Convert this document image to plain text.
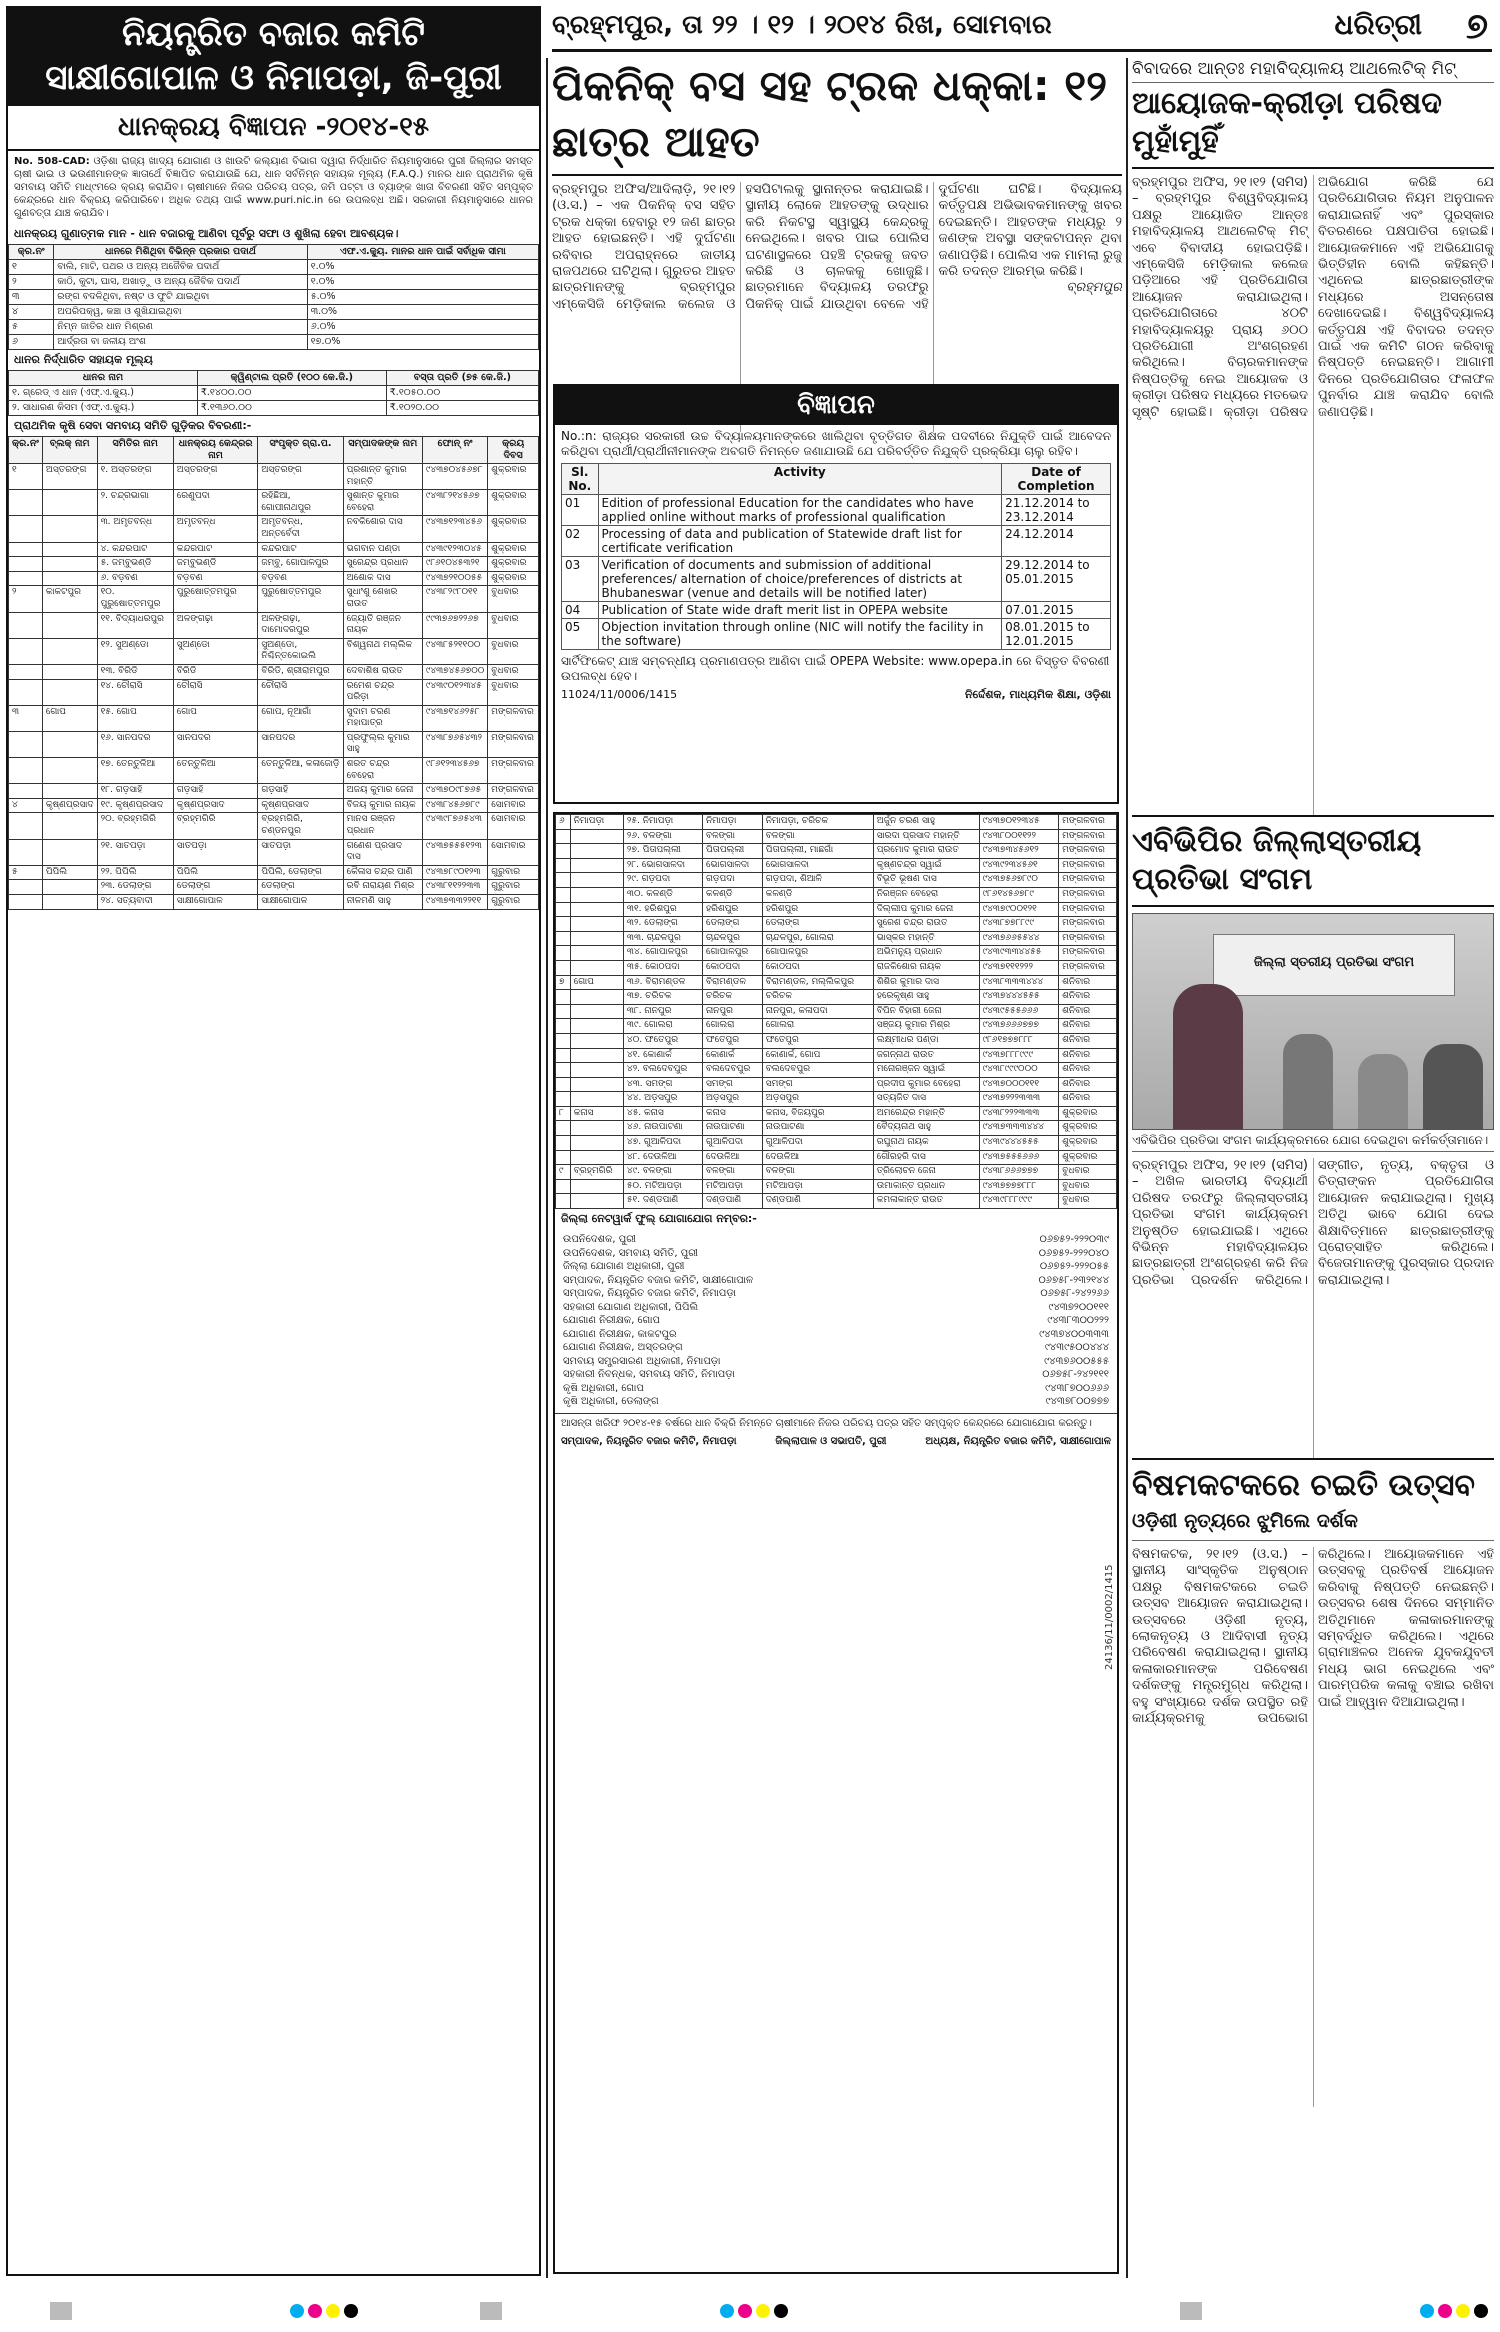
ନିୟନ୍ତ୍ରିତ ବଜାର କମିଟି
ସାକ୍ଷୀଗୋପାଳ ଓ ନିମାପଡ଼ା, ଜି-ପୁରୀ
ଧାନକ୍ରୟ ବିଜ୍ଞାପନ -୨୦୧୪-୧୫
No. 508-CAD: ଓଡ଼ିଶା ରାଜ୍ୟ ଖାଦ୍ୟ ଯୋଗାଣ ଓ ଖାଉଟି କଲ୍ୟାଣ ବିଭାଗ ଦ୍ୱାରା ନିର୍ଦ୍ଧାରିତ ନିୟମାନୁସାରେ ପୁରୀ ଜିଲ୍ଲାର ସମସ୍ତ ଚାଷୀ ଭାଇ ଓ ଭଉଣୀମାନଙ୍କ ଜ୍ଞାତାର୍ଥେ ବିଜ୍ଞାପିତ କରାଯାଉଛି ଯେ, ଧାନ ସର୍ବନିମ୍ନ ସହାୟକ ମୂଲ୍ୟ (F.A.Q.) ମାନର ଧାନ ପ୍ରାଥମିକ କୃଷି ସମବାୟ ସମିତି ମାଧ୍୯ମରେ କ୍ରୟ କରାଯିବ। ଚାଷୀମାନେ ନିଜର ପରିଚୟ ପତ୍ର, ଜମି ପଟ୍ଟା ଓ ବ୍ୟାଙ୍କ ଖାତା ବିବରଣୀ ସହିତ ସମ୍ପୃକ୍ତ କେନ୍ଦ୍ରରେ ଧାନ ବିକ୍ରୟ କରିପାରିବେ। ଅଧିକ ତଥ୍ୟ ପାଇଁ www.puri.nic.in ରେ ଉପଲବ୍ଧ ଅଛି। ସରକାରୀ ନିୟମାନୁସାରେ ଧାନର ଗୁଣବତ୍ତା ଯାଞ୍ଚ କରାଯିବ।
ଧାନକ୍ରୟ ଗୁଣାତ୍ମକ ମାନ - ଧାନ ବଜାରକୁ ଆଣିବା ପୂର୍ବରୁ ସଫା ଓ ଶୁଖିଲା ହେବା ଆବଶ୍ୟକ।
କ୍ର.ନଂ	ଧାନରେ ମିଶିଥିବା ବିଭିନ୍ନ ପ୍ରକାର ପଦାର୍ଥ	ଏଫ.ଏ.କ୍ୟୁ. ମାନର ଧାନ ପାଇଁ ସର୍ବାଧିକ ସୀମା
୧	ବାଲି, ମାଟି, ପଥର ଓ ଅନ୍ୟ ଅଜୈବିକ ପଦାର୍ଥ	୧.୦%
୨	କାଠି, କୁଟା, ଘାସ, ଅଖାଡ଼ୁ ଓ ଅନ୍ୟ ଜୈବିକ ପଦାର୍ଥ	୧.୦%
୩	ରଙ୍ଗ ବଦଳିଥିବା, ନଷ୍ଟ ଓ ଫୁଟି ଯାଇଥିବା	୫.୦%
୪	ଅପରିପକ୍ୱ, କଞ୍ଚା ଓ ଶୁଖିଯାଇଥିବା	୩.୦%
୫	ନିମ୍ନ ଜାତିର ଧାନ ମିଶ୍ରଣ	୬.୦%
୬	ଆର୍ଦ୍ରତା ବା ଜଳୀୟ ଅଂଶ	୧୭.୦%
ଧାନର ନିର୍ଦ୍ଧାରିତ ସହାୟକ ମୂଲ୍ୟ
ଧାନର ନାମ	କ୍ୱିଣ୍ଟାଲ ପ୍ରତି (୧୦୦ କେ.ଜି.)	ବସ୍ତା ପ୍ରତି (୭୫ କେ.ଜି.)
୧. ଗ୍ରେଡ୍ ଏ ଧାନ (ଏଫ୍.ଏ.କ୍ୟୁ.)	₹.୧୪୦୦.୦୦	₹.୧୦୫୦.୦୦
୨. ସାଧାରଣ କିସମ (ଏଫ୍.ଏ.କ୍ୟୁ.)	₹.୧୩୬୦.୦୦	₹.୧୦୨୦.୦୦
ପ୍ରାଥମିକ କୃଷି ସେବା ସମବାୟ ସମିତି ଗୁଡ଼ିକର ବିବରଣୀ:-
କ୍ର.ନଂ	ବ୍ଲକ୍ ନାମ	ସମିତିର ନାମ	ଧାନକ୍ରୟ କେନ୍ଦ୍ରର ନାମ	ସଂପୃକ୍ତ ଗ୍ରା.ପ.	ସମ୍ପାଦକଙ୍କ ନାମ	ଫୋନ୍ ନଂ	କ୍ରୟ ଦିବସ
୧	ଅସ୍ତରଙ୍ଗ	୧. ଅସ୍ତରଙ୍ଗ	ଅସ୍ତରଙ୍ଗ	ଅସ୍ତରଙ୍ଗ	ପ୍ରଶାନ୍ତ କୁମାର ମହାନ୍ତି	୯୪୩୭୦୪୫୬୭୮	ଶୁକ୍ରବାର
		୨. ଚନ୍ଦ୍ରଭାଗା	ରେଣୁପଦା	ରହିଛିଆ, ଗୋପୀନାଥପୁର	ସୁଶାନ୍ତ କୁମାର ବେହେରା	୯୪୩୮୨୧୪୫୬୭	ଶୁକ୍ରବାର
		୩. ଅମୃତବନ୍ଧ	ଅମୃତବନ୍ଧ	ଅମୃତବନ୍ଧ, ଅନ୍ତର୍ବେଦୀ	ନବକିଶୋର ଦାସ	୯୪୩୭୧୨୩୪୫୬	ଶୁକ୍ରବାର
		୪. କନ୍ଦରପାଟ	କନ୍ଦରପାଟ	କନ୍ଦରପାଟ	ଭଗବାନ ପଣ୍ଡା	୯୪୩୯୧୨୩୦୪୫	ଶୁକ୍ରବାର
		୫. ଜମ୍ବୁଭଣ୍ଡି	ଜମ୍ବୁଭଣ୍ଡି	ଜମ୍ବୁ, ଗୋପାଳପୁର	ସୁରେନ୍ଦ୍ର ପ୍ରଧାନ	୯୮୬୧୦୪୫୩୨୧	ଶୁକ୍ରବାର
		୬. ବଡ଼ବଣ	ବଡ଼ବଣ	ବଡ଼ବଣ	ଅଶୋକ ଦାସ	୯୪୩୭୨୧୦୦୫୫	ଶୁକ୍ରବାର
୨	କାକଟପୁର	୧୦. ପୁରୁଷୋତ୍ତମପୁର	ପୁରୁଷୋତ୍ତମପୁର	ପୁରୁଷୋତ୍ତମପୁର	ସୁଧାଂଶୁ ଶେଖର ରାଉତ	୯୪୩୮୨୯୮୦୧୧	ବୁଧବାର
		୧୧. ବିଦ୍ୟାଧରପୁର	ଅଳଙ୍ଗଢ଼ା	ଅଳଙ୍ଗଢ଼ା, ଦାମୋଦରପୁର	ଜ୍ୟୋତି ରଞ୍ଜନ ନାୟକ	୯୯୩୭୬୭୨୨୬୭	ବୁଧବାର
		୧୨. ସୁଅଣ୍ଡୋ	ସୁଅଣ୍ଡୋ	ସୁଅଣ୍ଡୋ, ନିଶ୍ଚିନ୍ତକୋଇଲି	ବିଶ୍ୱନାଥ ମଲ୍ଲିକ	୯୪୩୮୫୨୧୧୦୦	ବୁଧବାର
		୧୩. ବିରିଡି	ବିରିଡି	ବିରିଡି, ଶ୍ରୀରାମପୁର	ଦେବାଶିଷ ରାଉତ	୯୪୩୭୪୫୬୭୦୦	ବୁଧବାର
		୧୪. ଚୌରାସି	ଚୌରାସି	ଚୌରାସି	ରମେଶ ଚନ୍ଦ୍ର ପରିଡ଼ା	୯୪୩୯୦୧୨୩୪୫	ବୁଧବାର
୩	ଗୋପ	୧୫. ଗୋପ	ଗୋପ	ଗୋପ, ନୂଆଗାଁ	ସୁଦାମ ଚରଣ ମହାପାତ୍ର	୯୪୩୭୧୪୬୨୫୮	ମଙ୍ଗଳବାର
		୧୬. ସାନପଦର	ସାନପଦର	ସାନପଦର	ପ୍ରଫୁଲ୍ଲ କୁମାର ସାହୁ	୯୪୩୮୭୬୫୪୩୨	ମଙ୍ଗଳବାର
		୧୭. ତେନ୍ତୁଳିଆ	ତେନ୍ତୁଳିଆ	ତେନ୍ତୁଳିଆ, କଳାଜୋଡ଼ି	ଶରତ ଚନ୍ଦ୍ର ବେହେରା	୯୮୬୧୨୩୪୫୬୭	ମଙ୍ଗଳବାର
		୧୮. ଗଡ଼ସାହି	ଗଡ଼ସାହି	ଗଡ଼ସାହି	ଅଜୟ କୁମାର ଜେନା	୯୪୩୭୦୯୮୭୬୫	ମଙ୍ଗଳବାର
୪	କୃଷ୍ଣପ୍ରସାଦ	୧୯. କୃଷ୍ଣପ୍ରସାଦ	କୃଷ୍ଣପ୍ରସାଦ	କୃଷ୍ଣପ୍ରସାଦ	ବିଜୟ କୁମାର ନାୟକ	୯୪୩୮୪୫୬୭୮୯	ସୋମବାର
		୨୦. ବ୍ରହ୍ମଗିରି	ବ୍ରହ୍ମଗିରି	ବ୍ରହ୍ମଗିରି, ଚଣ୍ଡନପୁର	ମାନସ ରଞ୍ଜନ ପ୍ରଧାନ	୯୪୩୯୮୭୬୫୪୩	ସୋମବାର
		୨୧. ସାତପଡ଼ା	ସାତପଡ଼ା	ସାତପଡ଼ା	ଗଣେଶ ପ୍ରସାଦ ଦାସ	୯୪୩୭୫୫୫୧୨୩	ସୋମବାର
୫	ପିପିଲି	୨୨. ପିପିଲି	ପିପିଲି	ପିପିଲି, ଡେଲାଙ୍ଗ	କୈଳାସ ଚନ୍ଦ୍ର ପାଣି	୯୪୩୭୮୯୦୧୨୩	ଗୁରୁବାର
		୨୩. ଡେଲାଙ୍ଗ	ଡେଲାଙ୍ଗ	ଡେଲାଙ୍ଗ	ରବି ନାରାୟଣ ମିଶ୍ର	୯୪୩୮୧୧୨୨୩୩	ଗୁରୁବାର
		୨୪. ସତ୍ୟବାଦୀ	ସାକ୍ଷୀଗୋପାଳ	ସାକ୍ଷୀଗୋପାଳ	ନୀଳମଣି ସାହୁ	୯୪୩୭୩୩୨୨୧୧	ଗୁରୁବାର
ବ୍ରହ୍ମପୁର, ତା ୨୨ । ୧୨ । ୨୦୧୪ ରିଖ, ସୋମବାର	ଧରିତ୍ରୀ ୭
ପିକନିକ୍ ବସ ସହ ଟ୍ରକ ଧକ୍କା: ୧୨ ଛାତ୍ର ଆହତ
ବ୍ରହ୍ମପୁର ଅଫିସ/ଆଦିଲାଡ଼ି, ୨୧।୧୨ (ଓ.ସ.) – ଏକ ପିକନିକ୍ ବସ ସହିତ ଟ୍ରକ ଧକ୍କା ହେବାରୁ ୧୨ ଜଣ ଛାତ୍ର ଆହତ ହୋଇଛନ୍ତି। ଏହି ଦୁର୍ଘଟଣା ରବିବାର ଅପରାହ୍ନରେ ଜାତୀୟ ରାଜପଥରେ ଘଟିଥିଲା। ଗୁରୁତର ଆହତ ଛାତ୍ରମାନଙ୍କୁ ବ୍ରହ୍ମପୁର ଏମ୍‌କେସିଜି ମେଡ଼ିକାଲ କଲେଜ ଓ ହସପିଟାଲକୁ ସ୍ଥାନାନ୍ତର କରାଯାଇଛି। ସ୍ଥାନୀୟ ଲୋକେ ଆହତଙ୍କୁ ଉଦ୍ଧାର କରି ନିକଟସ୍ଥ ସ୍ୱାସ୍ଥ୍ୟ କେନ୍ଦ୍ରକୁ ନେଇଥିଲେ। ଖବର ପାଇ ପୋଲିସ ଘଟଣାସ୍ଥଳରେ ପହଞ୍ଚି ଟ୍ରକକୁ ଜବତ କରିଛି ଓ ଚାଳକକୁ ଖୋଜୁଛି। ଛାତ୍ରମାନେ ବିଦ୍ୟାଳୟ ତରଫରୁ ପିକନିକ୍ ପାଇଁ ଯାଉଥିବା ବେଳେ ଏହି ଦୁର୍ଘଟଣା ଘଟିଛି। ବିଦ୍ୟାଳୟ କର୍ତ୍ତୃପକ୍ଷ ଅଭିଭାବକମାନଙ୍କୁ ଖବର ଦେଇଛନ୍ତି। ଆହତଙ୍କ ମଧ୍ୟରୁ ୨ ଜଣଙ୍କ ଅବସ୍ଥା ସଙ୍କଟାପନ୍ନ ଥିବା ଜଣାପଡ଼ିଛି। ପୋଲିସ ଏକ ମାମଲା ରୁଜୁ କରି ତଦନ୍ତ ଆରମ୍ଭ କରିଛି।
ବ୍ରହ୍ମପୁର
ବିଜ୍ଞାପନ
No.:n: ରାଜ୍ୟର ସରକାରୀ ଉଚ୍ଚ ବିଦ୍ୟାଳୟମାନଙ୍କରେ ଖାଲିଥିବା ବୃତ୍ତିଗତ ଶିକ୍ଷକ ପଦବୀରେ ନିଯୁକ୍ତି ପାଇଁ ଆବେଦନ କରିଥିବା ପ୍ରାର୍ଥୀ/ପ୍ରାର୍ଥୀନୀମାନଙ୍କ ଅବଗତି ନିମନ୍ତେ ଜଣାଯାଉଛି ଯେ ପରିବର୍ତ୍ତିତ ନିଯୁକ୍ତି ପ୍ରକ୍ରିୟା ଚାଲୁ ରହିବ।
Sl. No.	Activity	Date of Completion
01	Edition of professional Education for the candidates who have applied online without marks of professional qualification	21.12.2014 to 23.12.2014
02	Processing of data and publication of Statewide draft list for certificate verification	24.12.2014
03	Verification of documents and submission of additional preferences/ alternation of choice/preferences of districts at Bhubaneswar (venue and details will be notified later)	29.12.2014 to 05.01.2015
04	Publication of State wide draft merit list in OPEPA website	07.01.2015
05	Objection invitation through online (NIC will notify the facility in the software)	08.01.2015 to 12.01.2015
ସାର୍ଟିଫିକେଟ୍ ଯାଞ୍ଚ ସମ୍ବନ୍ଧୀୟ ପ୍ରମାଣପତ୍ର ଆଣିବା ପାଇଁ OPEPA Website: www.opepa.in ରେ ବିସ୍ତୃତ ବିବରଣୀ ଉପଲବ୍ଧ ହେବ।
11024/11/0006/1415	ନିର୍ଦ୍ଦେଶକ, ମାଧ୍ୟମିକ ଶିକ୍ଷା, ଓଡ଼ିଶା
୬	ନିମାପଡ଼ା	୨୫. ନିମାପଡ଼ା	ନିମାପଡ଼ା	ନିମାପଡ଼ା, ଚରିଚକ	ଅର୍ଜୁନ ଚରଣ ସାହୁ	୯୪୩୭୦୧୨୩୪୫	ମଙ୍ଗଳବାର
		୨୬. ବଳଙ୍ଗା	ବଳଙ୍ଗା	ବଳଙ୍ଗା	ସାରଦା ପ୍ରସାଦ ମହାନ୍ତି	୯୪୩୮୦୦୧୧୨୨	ମଙ୍ଗଳବାର
		୨୭. ପିତାପଲ୍ଲୀ	ପିତାପଲ୍ଲୀ	ପିତାପଲ୍ଲୀ, ମାଛଗାଁ	ପ୍ରମୋଦ କୁମାର ରାଉତ	୯୪୩୭୩୪୫୬୧୨	ମଙ୍ଗଳବାର
		୨୮. ଭୋଗସାଳଦା	ଭୋଗସାଳଦା	ଭୋଗସାଳଦା	କୃଷ୍ଣଚନ୍ଦ୍ର ସ୍ୱାଇଁ	୯୪୩୯୨୩୪୫୬୧	ମଙ୍ଗଳବାର
		୨୯. ଗଡ଼ପଦା	ଗଡ଼ପଦା	ଗଡ଼ପଦା, ଶିଆଳି	ବିଭୂତି ଭୂଷଣ ଦାସ	୯୪୩୭୫୬୭୮୯୦	ମଙ୍ଗଳବାର
		୩୦. କଳଣ୍ଡି	କଳଣ୍ଡି	କଳଣ୍ଡି	ନିରଞ୍ଜନ ବେହେରା	୯୮୬୧୪୫୬୭୮୯	ମଙ୍ଗଳବାର
		୩୧. ହରିଶପୁର	ହରିଶପୁର	ହରିଶପୁର	ଦିଲ୍ଲୀପ କୁମାର ଜେନା	୯୪୩୭୯୦୦୧୨୧	ମଙ୍ଗଳବାର
		୩୨. ଡେଲାଙ୍ଗ	ଡେଲାଙ୍ଗ	ଡେଲାଙ୍ଗ	ସୁରେଶ ଚନ୍ଦ୍ର ରାଉତ	୯୪୩୮୭୭୮୮୯୯	ମଙ୍ଗଳବାର
		୩୩. ଚାନ୍ଦଳପୁର	ଚାନ୍ଦଳପୁର	ଚାନ୍ଦଳପୁର, ଗୋଲରା	ଭାସ୍କର ମହାନ୍ତି	୯୪୩୭୬୬୫୫୪୪	ମଙ୍ଗଳବାର
		୩୪. ଗୋପାଳପୁର	ଗୋପାଳପୁର	ଗୋପାଳପୁର	ଅଭିମନ୍ୟୁ ପ୍ରଧାନ	୯୪୩୯୩୩୪୪୫୫	ମଙ୍ଗଳବାର
		୩୫. କୋଠପଦା	କୋଠପଦା	କୋଠପଦା	ରାଜକିଶୋର ନାୟକ	୯୪୩୭୧୧୧୨୨୨	ମଙ୍ଗଳବାର
୭	ଗୋପ	୩୬. ବିରାମଣ୍ଡଳ	ବିରାମଣ୍ଡଳ	ବିରାମଣ୍ଡଳ, ମଲ୍ଲିକପୁର	ଶିଶିର କୁମାର ଦାସ	୯୪୩୮୩୩୩୪୪୪	ଶନିବାର
		୩୭. ଚରିଚକ	ଚରିଚକ	ଚରିଚକ	ହରେକୃଷ୍ଣ ସାହୁ	୯୪୩୭୪୪୪୫୫୫	ଶନିବାର
		୩୮. ନାନପୁର	ନାନପୁର	ନାନପୁର, କଳାପଦା	ବିପିନ ବିହାରୀ ଜେନା	୯୪୩୯୫୫୫୬୬୬	ଶନିବାର
		୩୯. ଗୋଲରା	ଗୋଲରା	ଗୋଲରା	ସଞ୍ଜୟ କୁମାର ମିଶ୍ର	୯୪୩୭୬୬୬୭୭୭	ଶନିବାର
		୪୦. ଫତେପୁର	ଫତେପୁର	ଫତେପୁର	ଲକ୍ଷ୍ମୀଧର ପଣ୍ଡା	୯୮୬୧୭୭୭୮୮୮	ଶନିବାର
		୪୧. କୋଣାର୍କ	କୋଣାର୍କ	କୋଣାର୍କ, ଗୋପ	ଜଗନ୍ନାଥ ରାଉତ	୯୪୩୭୮୮୮୯୯୯	ଶନିବାର
		୪୨. ବଲଦେବପୁର	ବଲଦେବପୁର	ବଲଦେବପୁର	ମନୋରଞ୍ଜନ ସ୍ୱାଇଁ	୯୪୩୮୯୯୯୦୦୦	ଶନିବାର
		୪୩. ସମଙ୍ଗ	ସମଙ୍ଗ	ସମଙ୍ଗ	ପ୍ରଦୀପ କୁମାର ବେହେରା	୯୪୩୭୦୦୦୧୧୧	ଶନିବାର
		୪୪. ଅଡ଼ସପୁର	ଅଡ଼ସପୁର	ଅଡ଼ସପୁର	ସତ୍ୟଜିତ ଦାସ	୯୪୩୭୨୨୨୩୩୩	ଶନିବାର
୮	କନାସ	୪୫. କନାସ	କନାସ	କନାସ, ବିଜୟପୁର	ଅମରେନ୍ଦ୍ର ମହାନ୍ତି	୯୪୩୮୨୨୨୩୩୩	ଶୁକ୍ରବାର
		୪୬. ନାଉପାଟଣା	ନାଉପାଟଣା	ନାଉପାଟଣା	ବୈଦ୍ୟନାଥ ସାହୁ	୯୪୩୭୩୩୩୪୪୪	ଶୁକ୍ରବାର
		୪୭. ଗୁଆଳିପଦା	ଗୁଆଳିପଦା	ଗୁଆଳିପଦା	ରଘୁନାଥ ନାୟକ	୯୪୩୯୪୪୪୫୫୫	ଶୁକ୍ରବାର
		୪୮. ଦେଉଳିଆ	ଦେଉଳିଆ	ଦେଉଳିଆ	ଗୌରହରି ଦାସ	୯୪୩୭୫୫୫୬୬୬	ଶୁକ୍ରବାର
୯	ବ୍ରହ୍ମଗିରି	୪୯. ବଳଙ୍ଗା	ବଳଙ୍ଗା	ବଳଙ୍ଗା	ତ୍ରିଲୋଚନ ଜେନା	୯୪୩୮୬୬୬୭୭୭	ବୁଧବାର
		୫୦. ମଟିଆପଡ଼ା	ମଟିଆପଡ଼ା	ମଟିଆପଡ଼ା	ଉମାକାନ୍ତ ପ୍ରଧାନ	୯୪୩୭୭୭୭୮୮୮	ବୁଧବାର
		୫୧. ଦଣ୍ଡପାଣି	ଦଣ୍ଡପାଣି	ଦଣ୍ଡପାଣି	କମଳାକାନ୍ତ ରାଉତ	୯୪୩୯୮୮୮୯୯୯	ବୁଧବାର
ଜିଲ୍ଲା ନେଟୱାର୍କ ଫୁଲ୍ ଯୋଗାଯୋଗ ନମ୍ବର:-
ଉପନିଦେଶକ, ପୁରୀ	୦୬୭୫୨-୨୨୨୦୩୯
ଉପନିଦେଶକ, ସମବାୟ ସମିତି, ପୁରୀ	୦୬୭୫୨-୨୨୨୦୪୦
ଜିଲ୍ଲା ଯୋଗାଣ ଅଧିକାରୀ, ପୁରୀ	୦୬୭୫୨-୨୨୨୦୫୫
ସମ୍ପାଦକ, ନିୟନ୍ତ୍ରିତ ବଜାର କମିଟି, ସାକ୍ଷୀଗୋପାଳ	୦୬୭୫୮-୨୩୨୧୪୪
ସମ୍ପାଦକ, ନିୟନ୍ତ୍ରିତ ବଜାର କମିଟି, ନିମାପଡ଼ା	୦୬୭୫୮-୨୪୨୨୬୬
ସହକାରୀ ଯୋଗାଣ ଅଧିକାରୀ, ପିପିଲି	୯୪୩୭୨୦୦୧୧୧
ଯୋଗାଣ ନିରୀକ୍ଷକ, ଗୋପ	୯୪୩୮୩୦୦୨୨୨
ଯୋଗାଣ ନିରୀକ୍ଷକ, କାକଟପୁର	୯୪୩୭୪୦୦୩୩୩
ଯୋଗାଣ ନିରୀକ୍ଷକ, ଅସ୍ତରଙ୍ଗ	୯୪୩୯୫୦୦୪୪୪
ସମବାୟ ସମ୍ପ୍ରସାରଣ ଅଧିକାରୀ, ନିମାପଡ଼ା	୯୪୩୭୬୦୦୫୫୫
ସହକାରୀ ନିବନ୍ଧକ, ସମବାୟ ସମିତି, ନିମାପଡ଼ା	୦୬୭୫୮-୨୪୨୧୧୧
କୃଷି ଅଧିକାରୀ, ଗୋପ	୯୪୩୮୭୦୦୬୬୬
କୃଷି ଅଧିକାରୀ, ଡେଲାଙ୍ଗ	୯୪୩୭୮୦୦୭୭୭
ଆସନ୍ତା ଖରିଫ ୨୦୧୪-୧୫ ବର୍ଷରେ ଧାନ ବିକ୍ରି ନିମନ୍ତେ ଚାଷୀମାନେ ନିଜର ପରିଚୟ ପତ୍ର ସହିତ ସମ୍ପୃକ୍ତ କେନ୍ଦ୍ରରେ ଯୋଗାଯୋଗ କରନ୍ତୁ।
ସମ୍ପାଦକ, ନିୟନ୍ତ୍ରିତ ବଜାର କମିଟି, ନିମାପଡ଼ା	ଜିଲ୍ଲାପାଳ ଓ ସଭାପତି, ପୁରୀ	ଅଧ୍ୟକ୍ଷ, ନିୟନ୍ତ୍ରିତ ବଜାର କମିଟି, ସାକ୍ଷୀଗୋପାଳ
24136/11/0002/1415
ବିବାଦରେ ଆନ୍ତଃ ମହାବିଦ୍ୟାଳୟ ଆଥଲେଟିକ୍ ମିଟ୍
ଆୟୋଜକ-କ୍ରୀଡ଼ା ପରିଷଦ ମୁହାଁମୁହିଁ
ବ୍ରହ୍ମପୁର ଅଫିସ, ୨୧।୧୨ (ସମିସ) – ବ୍ରହ୍ମପୁର ବିଶ୍ୱବିଦ୍ୟାଳୟ ପକ୍ଷରୁ ଆୟୋଜିତ ଆନ୍ତଃ ମହାବିଦ୍ୟାଳୟ ଆଥଲେଟିକ୍ ମିଟ୍ ଏବେ ବିବାଦୀୟ ହୋଇପଡ଼ିଛି। ଏମ୍‌କେସିଜି ମେଡ଼ିକାଲ କଲେଜ ପଡ଼ିଆରେ ଏହି ପ୍ରତିଯୋଗିତା ଆୟୋଜନ କରାଯାଇଥିଲା। ପ୍ରତିଯୋଗିତାରେ ୪୦ଟି ମହାବିଦ୍ୟାଳୟରୁ ପ୍ରାୟ ୬୦୦ ପ୍ରତିଯୋଗୀ ଅଂଶଗ୍ରହଣ କରିଥିଲେ। ବିଚାରକମାନଙ୍କ ନିଷ୍ପତ୍ତିକୁ ନେଇ ଆୟୋଜକ ଓ କ୍ରୀଡ଼ା ପରିଷଦ ମଧ୍ୟରେ ମତଭେଦ ସୃଷ୍ଟି ହୋଇଛି। କ୍ରୀଡ଼ା ପରିଷଦ ଅଭିଯୋଗ କରିଛି ଯେ ପ୍ରତିଯୋଗିତାର ନିୟମ ଅନୁପାଳନ କରାଯାଇନାହିଁ ଏବଂ ପୁରସ୍କାର ବିତରଣରେ ପକ୍ଷପାତିତା ହୋଇଛି। ଆୟୋଜକମାନେ ଏହି ଅଭିଯୋଗକୁ ଭିତ୍ତିହୀନ ବୋଲି କହିଛନ୍ତି। ଏଥିନେଇ ଛାତ୍ରଛାତ୍ରୀଙ୍କ ମଧ୍ୟରେ ଅସନ୍ତୋଷ ଦେଖାଦେଇଛି। ବିଶ୍ୱବିଦ୍ୟାଳୟ କର୍ତ୍ତୃପକ୍ଷ ଏହି ବିବାଦର ତଦନ୍ତ ପାଇଁ ଏକ କମିଟି ଗଠନ କରିବାକୁ ନିଷ୍ପତ୍ତି ନେଇଛନ୍ତି। ଆଗାମୀ ଦିନରେ ପ୍ରତିଯୋଗିତାର ଫଳାଫଳ ପୁନର୍ବାର ଯାଞ୍ଚ କରାଯିବ ବୋଲି ଜଣାପଡ଼ିଛି।
ଏବିଭିପିର ଜିଲ୍ଲାସ୍ତରୀୟ ପ୍ରତିଭା ସଂଗମ
ଜିଲ୍ଲା ସ୍ତରୀୟ ପ୍ରତିଭା ସଂଗମ
ଏବିଭିପିର ପ୍ରତିଭା ସଂଗମ କାର୍ଯ୍ୟକ୍ରମରେ ଯୋଗ ଦେଇଥିବା କର୍ମକର୍ତ୍ତାମାନେ।
ବ୍ରହ୍ମପୁର ଅଫିସ, ୨୧।୧୨ (ସମିସ) – ଅଖିଳ ଭାରତୀୟ ବିଦ୍ୟାର୍ଥୀ ପରିଷଦ ତରଫରୁ ଜିଲ୍ଲାସ୍ତରୀୟ ପ୍ରତିଭା ସଂଗମ କାର୍ଯ୍ୟକ୍ରମ ଅନୁଷ୍ଠିତ ହୋଇଯାଇଛି। ଏଥିରେ ବିଭିନ୍ନ ମହାବିଦ୍ୟାଳୟର ଛାତ୍ରଛାତ୍ରୀ ଅଂଶଗ୍ରହଣ କରି ନିଜ ପ୍ରତିଭା ପ୍ରଦର୍ଶନ କରିଥିଲେ। ସଙ୍ଗୀତ, ନୃତ୍ୟ, ବକ୍ତୃତା ଓ ଚିତ୍ରାଙ୍କନ ପ୍ରତିଯୋଗିତା ଆୟୋଜନ କରାଯାଇଥିଲା। ମୁଖ୍ୟ ଅତିଥି ଭାବେ ଯୋଗ ଦେଇ ଶିକ୍ଷାବିତ୍‌ମାନେ ଛାତ୍ରଛାତ୍ରୀଙ୍କୁ ପ୍ରୋତ୍ସାହିତ କରିଥିଲେ। ବିଜେତାମାନଙ୍କୁ ପୁରସ୍କାର ପ୍ରଦାନ କରାଯାଇଥିଲା।
ବିଷମକଟକରେ ଚଇତି ଉତ୍ସବ
ଓଡ଼ିଶୀ ନୃତ୍ୟରେ ଝୁମିଲେ ଦର୍ଶକ
ବିଷମକଟକ, ୨୧।୧୨ (ଓ.ସ.) – ସ୍ଥାନୀୟ ସାଂସ୍କୃତିକ ଅନୁଷ୍ଠାନ ପକ୍ଷରୁ ବିଷମକଟକରେ ଚଇତି ଉତ୍ସବ ଆୟୋଜନ କରାଯାଇଥିଲା। ଉତ୍ସବରେ ଓଡ଼ିଶୀ ନୃତ୍ୟ, ଲୋକନୃତ୍ୟ ଓ ଆଦିବାସୀ ନୃତ୍ୟ ପରିବେଷଣ କରାଯାଇଥିଲା। ସ୍ଥାନୀୟ କଳାକାରମାନଙ୍କ ପରିବେଷଣ ଦର୍ଶକଙ୍କୁ ମନ୍ତ୍ରମୁଗ୍ଧ କରିଥିଲା। ବହୁ ସଂଖ୍ୟାରେ ଦର୍ଶକ ଉପସ୍ଥିତ ରହି କାର୍ଯ୍ୟକ୍ରମକୁ ଉପଭୋଗ କରିଥିଲେ। ଆୟୋଜକମାନେ ଏହି ଉତ୍ସବକୁ ପ୍ରତିବର୍ଷ ଆୟୋଜନ କରିବାକୁ ନିଷ୍ପତ୍ତି ନେଇଛନ୍ତି। ଉତ୍ସବର ଶେଷ ଦିନରେ ସମ୍ମାନିତ ଅତିଥିମାନେ କଳାକାରମାନଙ୍କୁ ସମ୍ବର୍ଦ୍ଧିତ କରିଥିଲେ। ଏଥିରେ ଗ୍ରାମାଞ୍ଚଳର ଅନେକ ଯୁବକଯୁବତୀ ମଧ୍ୟ ଭାଗ ନେଇଥିଲେ ଏବଂ ପାରମ୍ପରିକ କଳାକୁ ବଞ୍ଚାଇ ରଖିବା ପାଇଁ ଆହ୍ୱାନ ଦିଆଯାଇଥିଲା।
